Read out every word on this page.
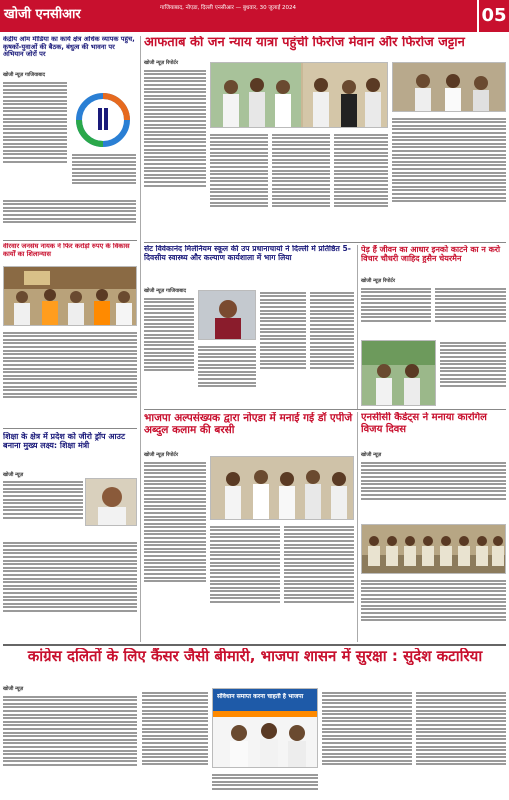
खोजी एनसीआर	गाजियाबाद, नोएडा, दिल्ली एनसीआर — बुधवार, 30 जुलाई 2024	05
केंद्रीय ओम मीडिया का कार्य क्षेत्र अधिक व्यापक पहुंच, कृषकों-युवाओं की बैठक, बंधुत्व की भावना पर अभियान जोरों पर
खोजी न्यूज़ गाजियाबाद
वीरवार जनसंघ नायक ने फिर करोड़ों रुपए के विकास कार्यों का शिलान्यास
शिक्षा के क्षेत्र में प्रदेश को जीरो ड्रॉप आउट बनाना मुख्य लक्ष्य: शिक्षा मंत्री
खोजी न्यूज़
आफताब की जन न्याय यात्रा पहुंची फिरोज मेवान और फिरोज जट्टान
खोजी न्यूज़ रिपोर्टर
सेंट विवेकानंद मिलेनियम स्कूल की उप प्रधानाचार्या ने दिल्ली में प्रतिष्ठित 5-दिवसीय स्वास्थ्य और कल्याण कार्यशाला में भाग लिया
खोजी न्यूज़ गाजियाबाद
पेड़ हैं जीवन का आधार इनको काटने का न करो विचार चौधरी जाहिद हुसैन चेयरमैन
खोजी न्यूज़ रिपोर्टर
भाजपा अल्पसंख्यक द्वारा नोएडा में मनाई गई डॉ एपीजे अब्दुल कलाम की बरसी
खोजी न्यूज़ रिपोर्टर
एनसीसी कैडेट्स ने मनाया कारगिल विजय दिवस
खोजी न्यूज़
कांग्रेस दलितों के लिए कैंसर जैसी बीमारी, भाजपा शासन में सुरक्षा : सुदेश कटारिया
खोजी न्यूज़
संविधान समाप्त करना चाहती है भाजपा
